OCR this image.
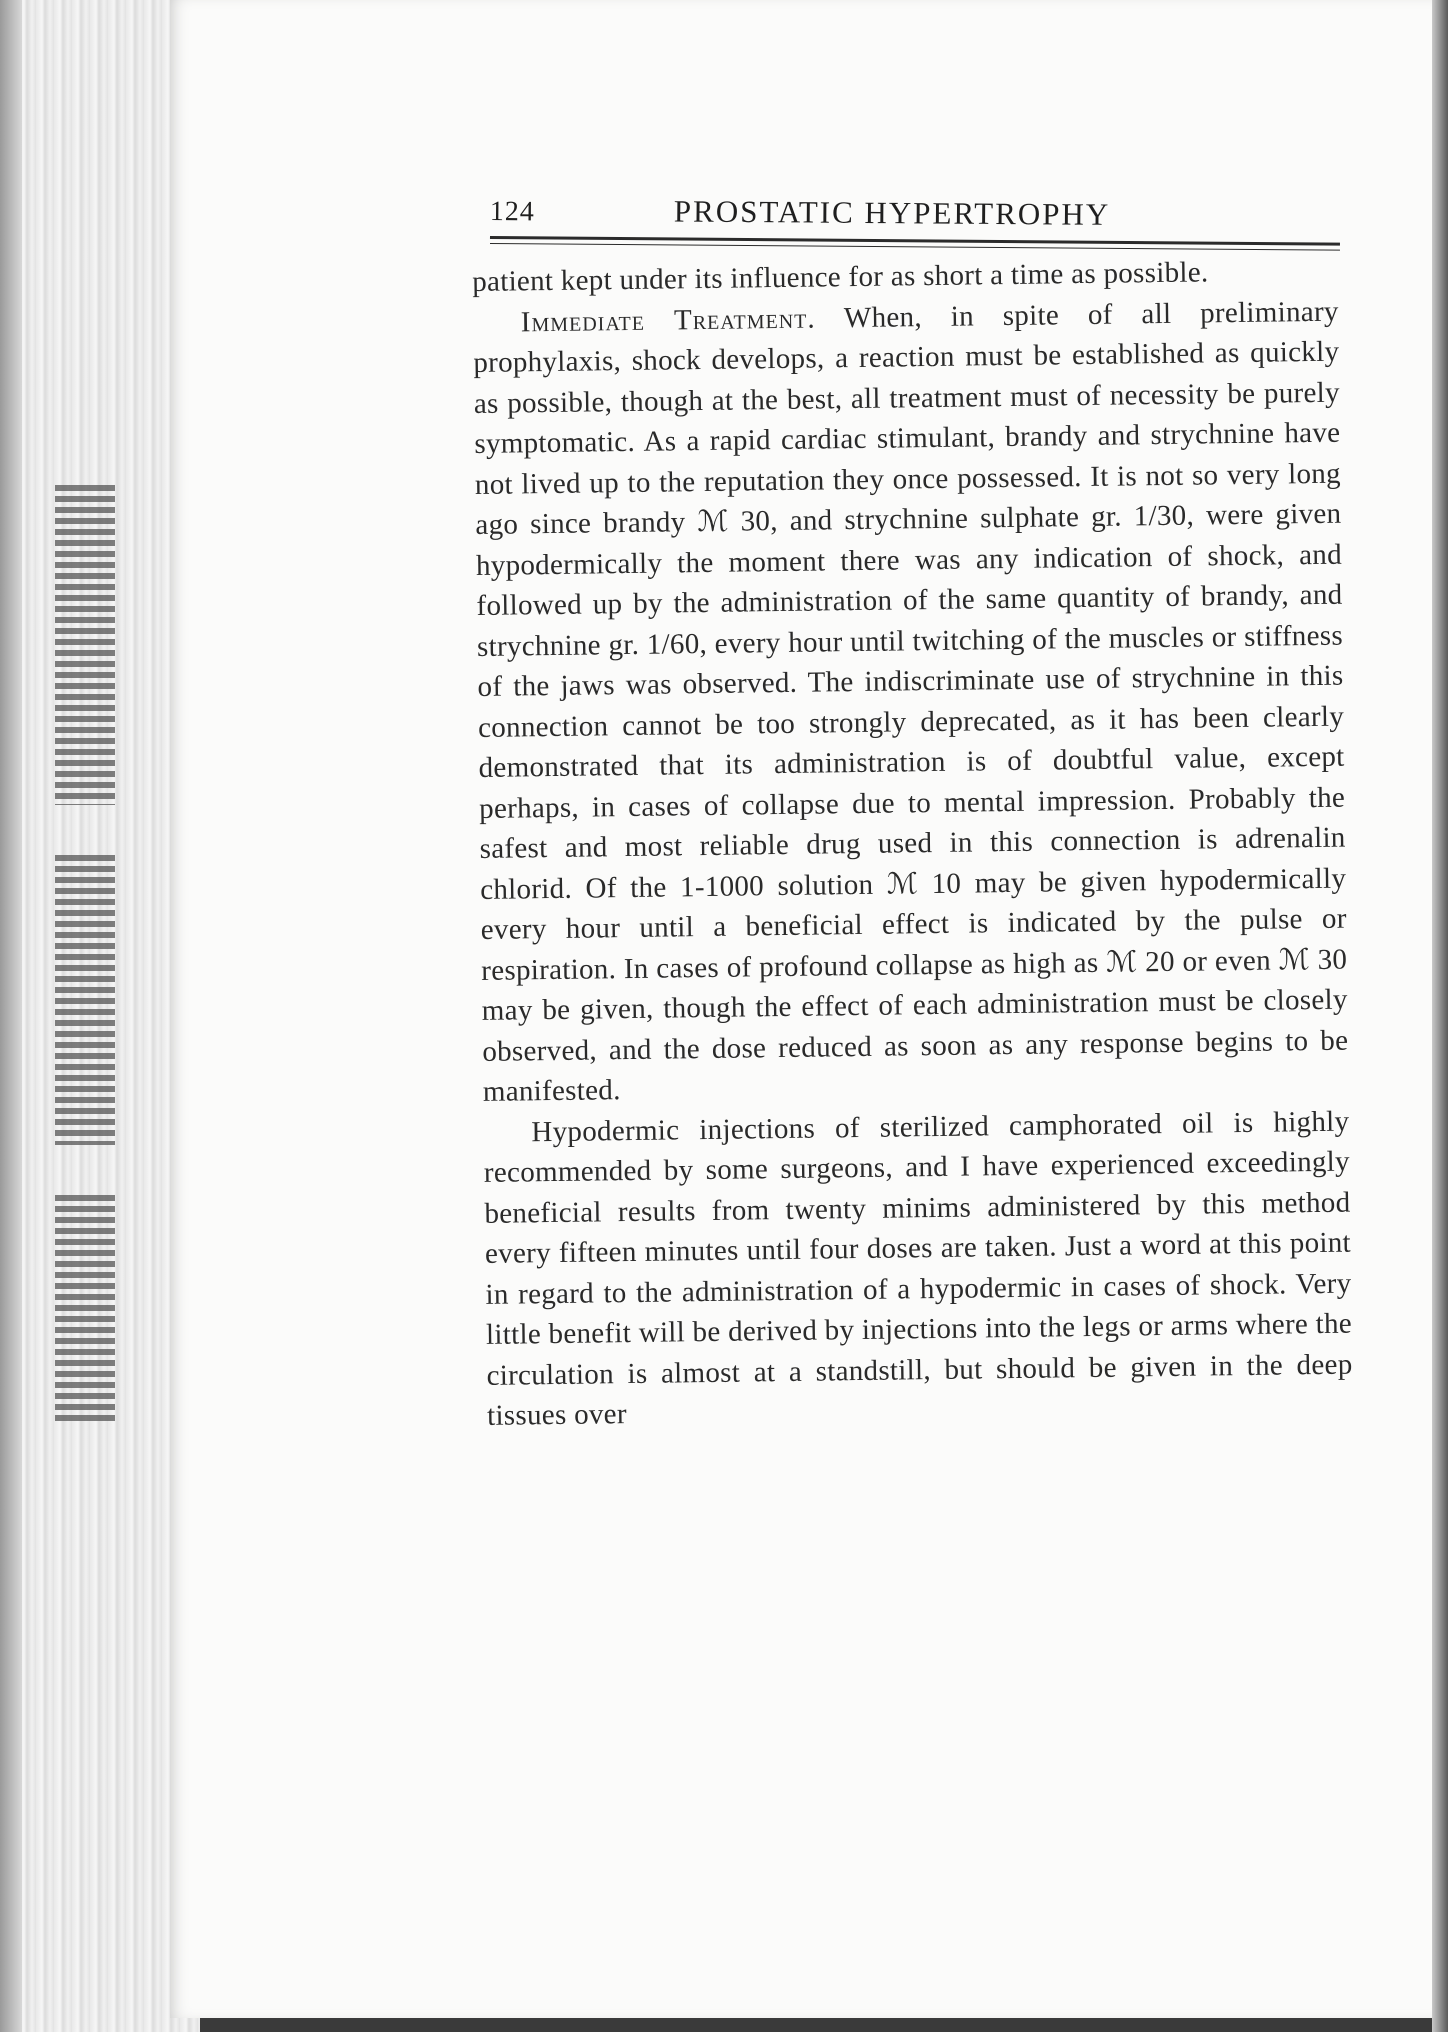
124	PROSTATIC HYPERTROPHY

patient kept under its influence for as short a time as possible.

Immediate Treatment. When, in spite of all preliminary prophylaxis, shock develops, a reaction must be established as quickly as possible, though at the best, all treatment must of necessity be purely symptomatic. As a rapid cardiac stimulant, brandy and strychnine have not lived up to the reputation they once possessed. It is not so very long ago since brandy ℳ 30, and strychnine sulphate gr. 1/30, were given hypodermically the moment there was any indication of shock, and followed up by the administration of the same quantity of brandy, and strychnine gr. 1/60, every hour until twitching of the muscles or stiffness of the jaws was observed. The indiscriminate use of strychnine in this connection cannot be too strongly deprecated, as it has been clearly demonstrated that its administration is of doubtful value, except perhaps, in cases of collapse due to mental impression. Probably the safest and most reliable drug used in this connection is adrenalin chlorid. Of the 1-1000 solution ℳ 10 may be given hypodermically every hour until a beneficial effect is indicated by the pulse or respiration. In cases of profound collapse as high as ℳ 20 or even ℳ 30 may be given, though the effect of each administration must be closely observed, and the dose reduced as soon as any response begins to be manifested.

Hypodermic injections of sterilized camphorated oil is highly recommended by some surgeons, and I have experienced exceedingly beneficial results from twenty minims administered by this method every fifteen minutes until four doses are taken. Just a word at this point in regard to the administration of a hypodermic in cases of shock. Very little benefit will be derived by injections into the legs or arms where the circulation is almost at a standstill, but should be given in the deep tissues over
